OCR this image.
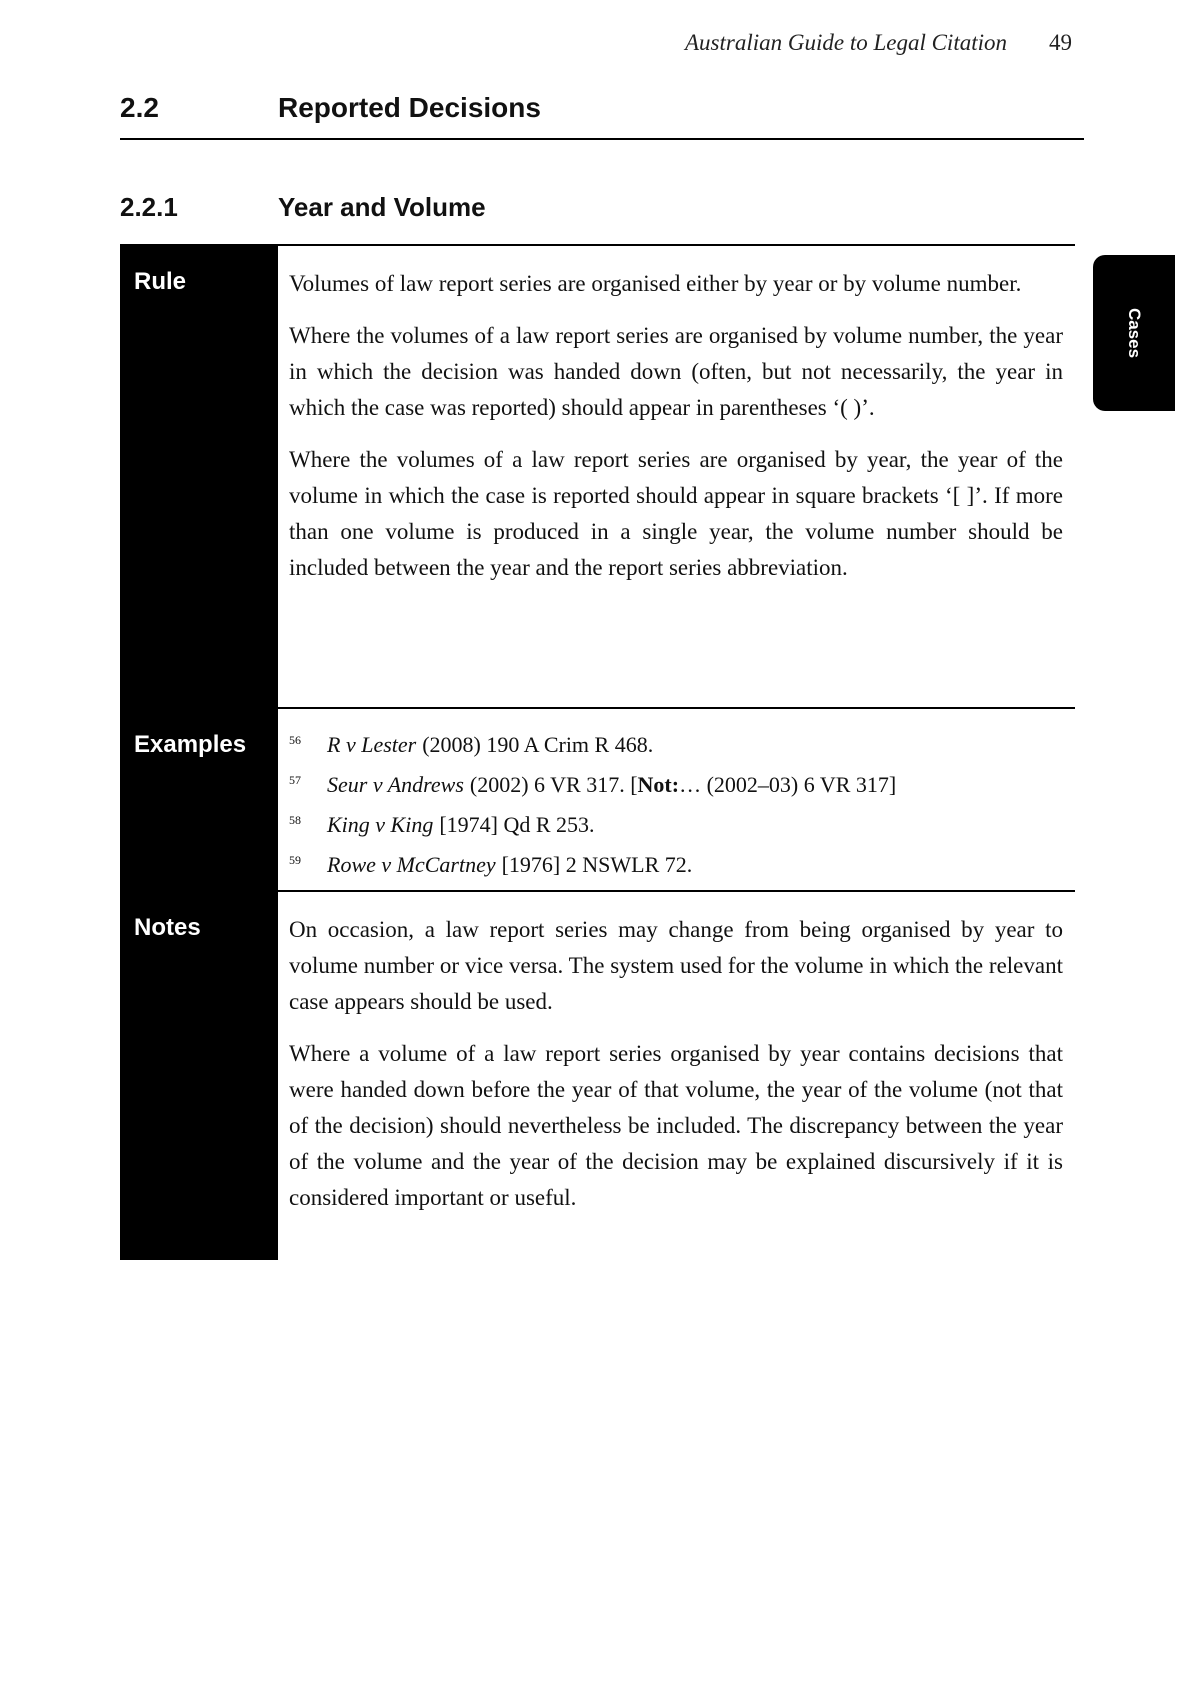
Australian Guide to Legal Citation 49
2.2	Reported Decisions
2.2.1	Year and Volume
Cases
Rule	Volumes of law report series are organised either by year or by volume number.

Where the volumes of a law report series are organised by volume number, the year in which the decision was handed down (often, but not necessarily, the year in which the case was reported) should appear in parentheses ‘( )’.

Where the volumes of a law report series are organised by year, the year of the volume in which the case is reported should appear in square brackets ‘[ ]’. If more than one volume is produced in a single year, the volume number should be included between the year and the report series abbreviation.

Examples	56	R v Lester (2008) 190 A Crim R 468.
57	Seur v Andrews (2002) 6 VR 317. [ Not: … (2002–03) 6 VR 317]
58	King v King [1974] Qd R 253.
59	Rowe v McCartney [1976] 2 NSWLR 72.
Notes	On occasion, a law report series may change from being organised by year to volume number or vice versa. The system used for the volume in which the relevant case appears should be used.

Where a volume of a law report series organised by year contains decisions that were handed down before the year of that volume, the year of the volume (not that of the decision) should nevertheless be included. The discrepancy between the year of the volume and the year of the decision may be explained discursively if it is considered important or useful.
